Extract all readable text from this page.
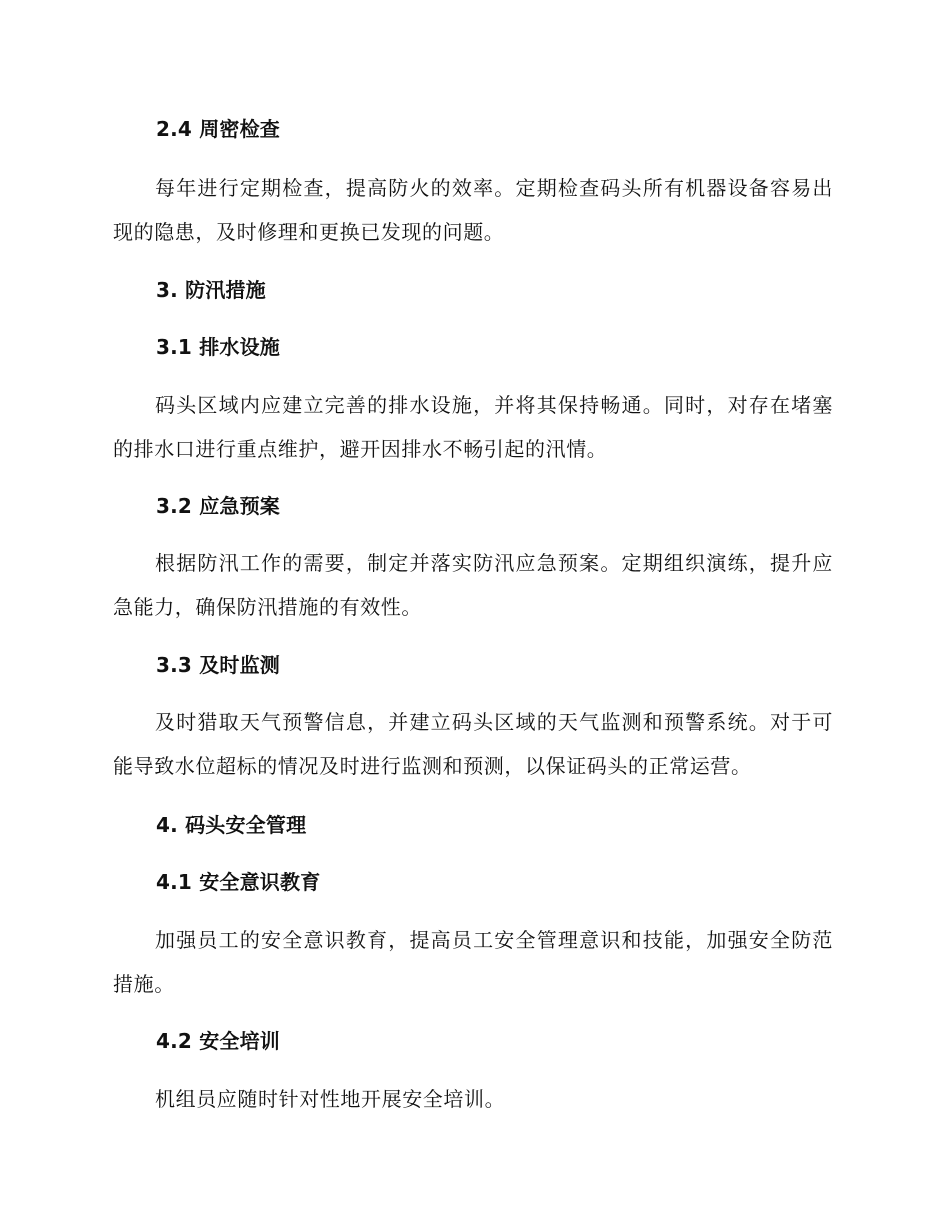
2.4 周密检查

每年进行定期检查，提高防火的效率。定期检查码头所有机器设备容易出现的隐患，及时修理和更换已发现的问题。

3. 防汛措施
3.1 排水设施

码头区域内应建立完善的排水设施，并将其保持畅通。同时，对存在堵塞的排水口进行重点维护，避开因排水不畅引起的汛情。

3.2 应急预案

根据防汛工作的需要，制定并落实防汛应急预案。定期组织演练，提升应急能力，确保防汛措施的有效性。

3.3 及时监测

及时猎取天气预警信息，并建立码头区域的天气监测和预警系统。对于可能导致水位超标的情况及时进行监测和预测，以保证码头的正常运营。

4. 码头安全管理
4.1 安全意识教育

加强员工的安全意识教育，提高员工安全管理意识和技能，加强安全防范措施。

4.2 安全培训

机组员应随时针对性地开展安全培训。
